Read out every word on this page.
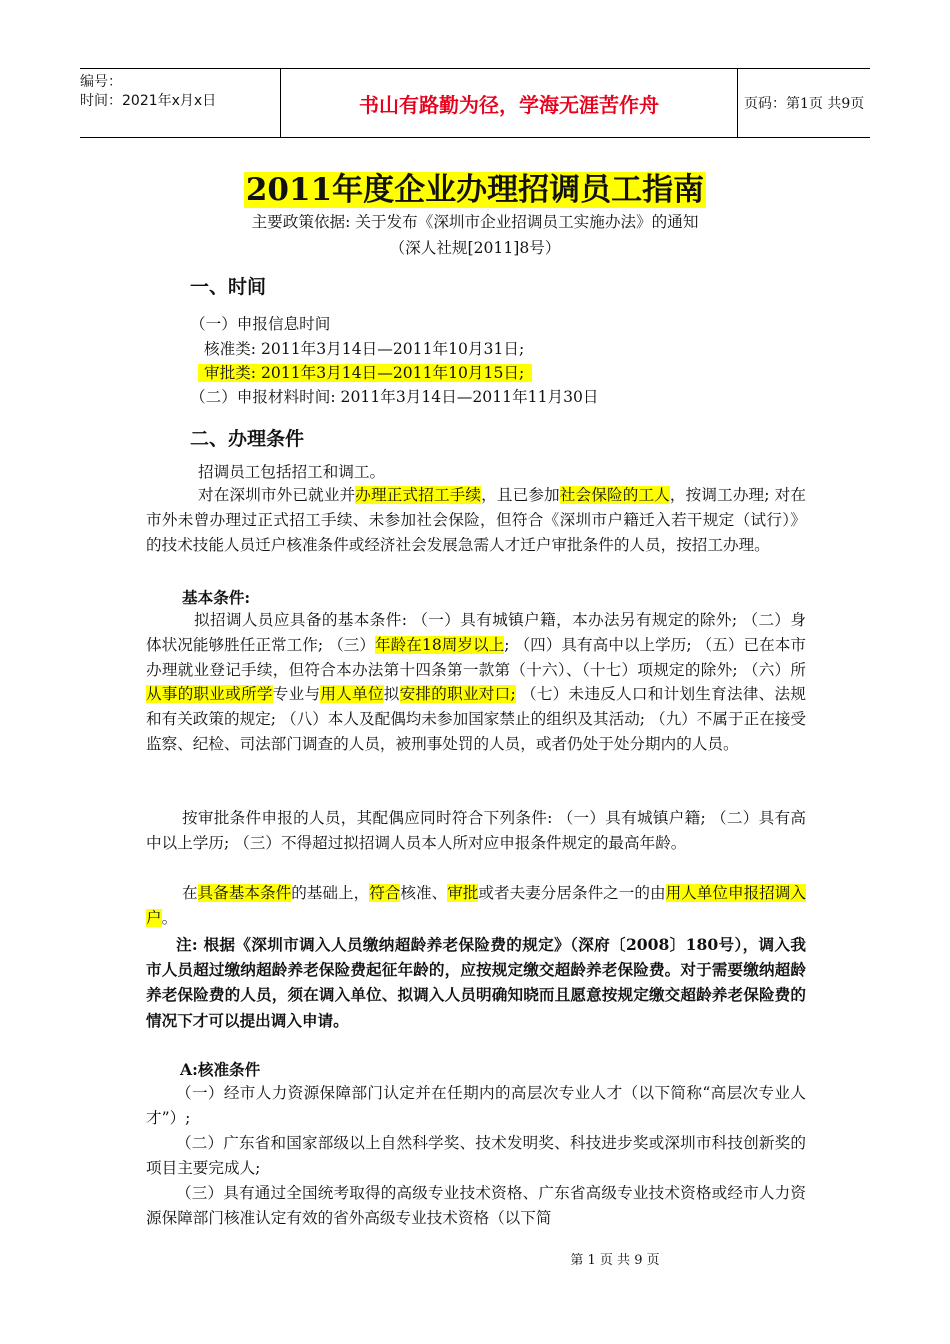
编号：
时间：2021年x月x日	书山有路勤为径，学海无涯苦作舟	页码：第1页 共9页
2011年度企业办理招调员工指南
主要政策依据: 关于发布《深圳市企业招调员工实施办法》的通知
（深人社规[2011]8号）
一、时间
（一）申报信息时间
核准类: 2011年3月14日—2011年10月31日;
审批类: 2011年3月14日—2011年10月15日;
（二）申报材料时间: 2011年3月14日—2011年11月30日
二、办理条件
招调员工包括招工和调工。
对在深圳市外已就业并办理正式招工手续，且已参加社会保险的工人，按调工办理; 对在市外未曾办理过正式招工手续、未参加社会保险，但符合《深圳市户籍迁入若干规定（试行）》的技术技能人员迁户核准条件或经济社会发展急需人才迁户审批条件的人员，按招工办理。
基本条件:
拟招调人员应具备的基本条件: （一）具有城镇户籍，本办法另有规定的除外; （二）身体状况能够胜任正常工作; （三）年龄在18周岁以上; （四）具有高中以上学历; （五）已在本市办理就业登记手续，但符合本办法第十四条第一款第（十六）、（十七）项规定的除外; （六）所从事的职业或所学专业与用人单位拟安排的职业对口; （七）未违反人口和计划生育法律、法规和有关政策的规定; （八）本人及配偶均未参加国家禁止的组织及其活动; （九）不属于正在接受监察、纪检、司法部门调查的人员，被刑事处罚的人员，或者仍处于处分期内的人员。
按审批条件申报的人员，其配偶应同时符合下列条件: （一）具有城镇户籍; （二）具有高中以上学历; （三）不得超过拟招调人员本人所对应申报条件规定的最高年龄。
在具备基本条件的基础上，符合核准、审批或者夫妻分居条件之一的由用人单位申报招调入户。
注: 根据《深圳市调入人员缴纳超龄养老保险费的规定》（深府〔2008〕180号），调入我市人员超过缴纳超龄养老保险费起征年龄的，应按规定缴交超龄养老保险费。对于需要缴纳超龄养老保险费的人员，须在调入单位、拟调入人员明确知晓而且愿意按规定缴交超龄养老保险费的情况下才可以提出调入申请。
A:核准条件
（一）经市人力资源保障部门认定并在任期内的高层次专业人才（以下简称“高层次专业人才”）;
（二）广东省和国家部级以上自然科学奖、技术发明奖、科技进步奖或深圳市科技创新奖的项目主要完成人;
（三）具有通过全国统考取得的高级专业技术资格、广东省高级专业技术资格或经市人力资源保障部门核准认定有效的省外高级专业技术资格（以下简
第 1 页 共 9 页
